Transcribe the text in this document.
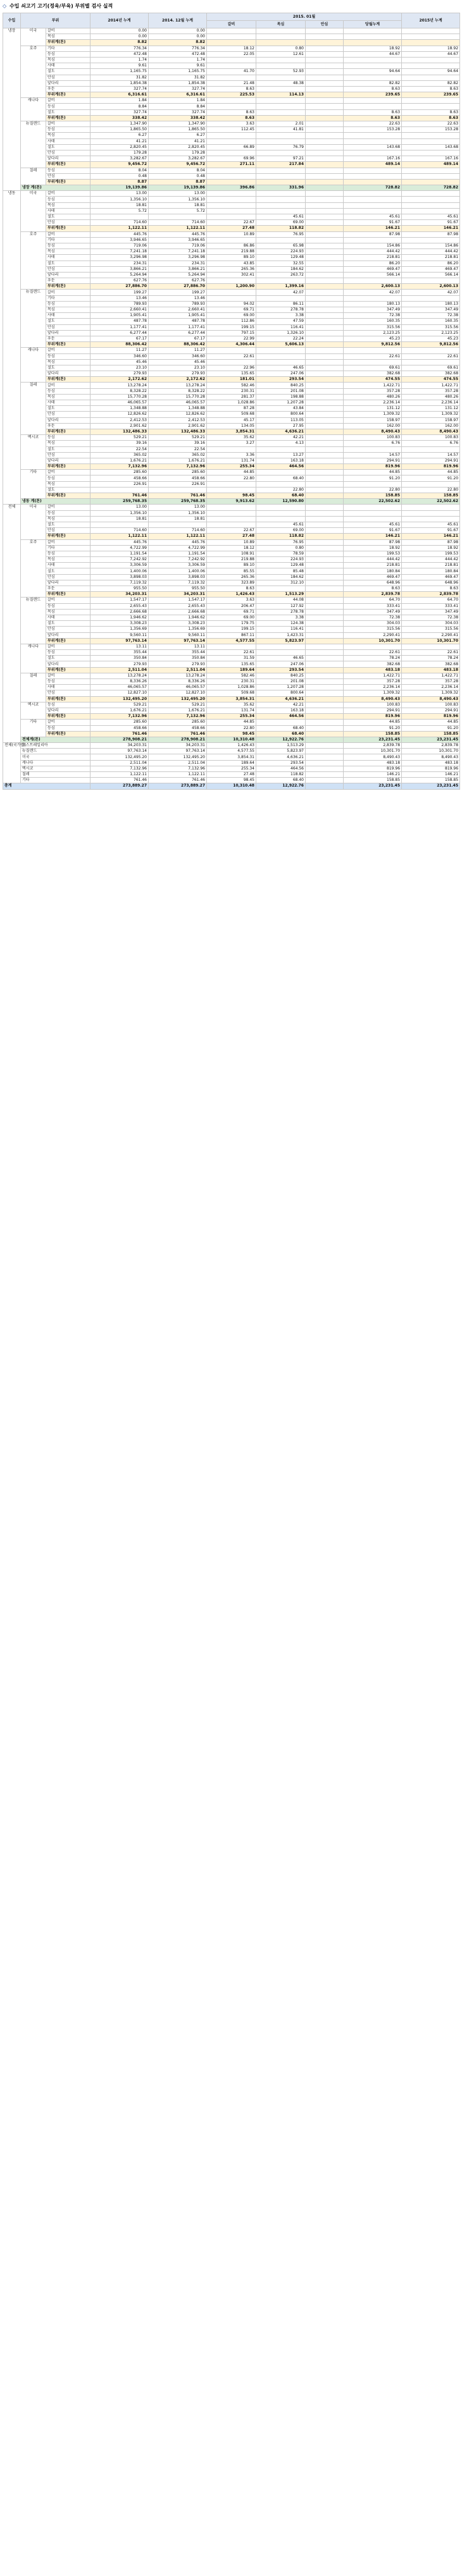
◇ 수입 쇠고기 고기(정육/부육) 부위별 검사 실적
수입	부위		2014년 누계	2014. 12월 누계	2015. 01월				2015년 누계
					갈비	목심	안심	당월누계	
냉장	미국	갈비	0.00	0.00					
		목심	0.00	0.00					
		부위계(톤)	8.82	8.82					
	호주	기타	776.34	776.34	18.12	0.80		18.92	18.92
		등심	472.48	472.48	22.05	12.61		44.67	44.67
		목심	1.74	1.74					
		사태	9.61	9.61					
		설도	1,165.75	1,165.75	41.70	52.93		94.64	94.64
		안심	31.82	31.82					
		앞다리	1,854.38	1,854.38	21.48	48.38		82.82	82.82
		우둔	327.74	327.74	8.63			8.63	8.63
		부위계(톤)	6,316.61	6,316.61	225.53	114.13		239.65	239.65
	캐나다	갈비	1.84	1.84					
		등심	8.84	8.84					
		설도	327.74	327.74	8.63			8.63	8.63
		부위계(톤)	338.42	338.42	8.63			8.63	8.63
	뉴질랜드	갈비	1,347.90	1,347.90	3.63	2.01		22.63	22.63
		등심	1,865.50	1,865.50	112.45	41.81		153.28	153.28
		목심	6.27	6.27					
		사태	41.21	41.21					
		설도	2,820.45	2,820.45	66.89	76.79		143.68	143.68
		안심	179.28	179.28					
		앞다리	3,282.67	3,282.67	69.96	97.21		167.16	167.16
		부위계(톤)	9,456.72	9,456.72	271.11	217.84		489.14	489.14
	칠레	등심	8.04	8.04					
		안심	0.48	0.48					
		부위계(톤)	8.87	8.87					
	냉장 계(톤)		19,139.86	19,139.86	396.86	331.96		728.82	728.82
냉동	미국	갈비	13.00	13.00					
		등심	1,356.10	1,356.10					
		목심	18.81	18.81					
		사태	5.72	5.72					
		설도				45.61		45.61	45.61
		안심	714.60	714.60	22.67	69.00		91.67	91.67
		부위계(톤)	1,122.11	1,122.11	27.48	118.82		146.21	146.21
	호주	갈비	445.76	445.76	10.89	76.95		87.98	87.98
		기타	3,946.65	3,946.65					
		등심	719.06	719.06	86.86	65.98		154.86	154.86
		목심	7,241.18	7,241.18	219.88	224.93		444.42	444.42
		사태	3,296.98	3,296.98	89.10	129.48		218.81	218.81
		설도	234.31	234.31	43.85	32.55		86.20	86.20
		안심	3,866.21	3,866.21	265.36	184.62		469.47	469.47
		앞다리	5,264.94	5,264.94	302.41	263.72		566.14	566.14
		우둔	627.76	627.76					
		부위계(톤)	27,886.70	27,886.70	1,200.90	1,399.16		2,600.13	2,600.13
	뉴질랜드	갈비	199.27	199.27		42.07		42.07	42.07
		기타	13.46	13.46					
		등심	789.93	789.93	94.02	86.11		180.13	180.13
		목심	2,660.41	2,660.41	69.71	278.78		347.49	347.49
		사태	1,905.41	1,905.41	69.00	3.38		72.38	72.38
		설도	487.78	487.78	112.86	47.59		160.35	160.35
		안심	1,177.41	1,177.41	199.15	116.41		315.56	315.56
		앞다리	6,277.44	6,277.44	797.15	1,326.10		2,123.25	2,123.25
		우둔	67.17	67.17	22.99	22.24		45.23	45.23
		부위계(톤)	88,306.42	88,306.42	4,306.44	5,606.13		9,812.56	9,812.56
	캐나다	갈비	11.27	11.27					
		등심	346.60	346.60	22.61			22.61	22.61
		목심	45.46	45.46					
		설도	23.10	23.10	22.96	46.65		69.61	69.61
		앞다리	279.93	279.93	135.65	247.06		382.68	382.68
		부위계(톤)	2,172.62	2,172.62	181.01	293.54		474.55	474.55
	칠레	갈비	13,278.24	13,278.24	582.46	840.25		1,422.71	1,422.71
		등심	8,328.22	8,328.22	230.31	201.08		357.28	357.28
		목심	15,770.28	15,770.28	281.37	198.88		480.26	480.26
		사태	46,065.57	46,065.57	1,028.86	1,207.28		2,236.14	2,236.14
		설도	1,348.88	1,348.88	87.28	43.84		131.12	131.12
		안심	12,826.62	12,826.62	509.68	800.64		1,309.32	1,309.32
		앞다리	2,412.53	2,412.53	45.17	113.05		158.97	158.97
		우둔	2,901.62	2,901.62	134.05	27.95		162.00	162.00
		부위계(톤)	132,486.33	132,486.33	3,854.31	4,636.21		8,490.43	8,490.43
	멕시코	등심	529.21	529.21	35.62	42.21		100.83	100.83
		목심	39.16	39.16	3.27	4.13		6.76	6.76
		설도	22.54	22.54					
		안심	365.02	365.02	3.36	13.27		14.57	14.57
		앞다리	1,676.21	1,676.21	131.74	163.18		294.91	294.91
		부위계(톤)	7,132.96	7,132.96	255.34	464.56		819.96	819.96
	기타	갈비	285.60	285.60	44.85			44.85	44.85
		등심	458.66	458.66	22.80	68.40		91.20	91.20
		목심	226.91	226.91					
		설도				22.80		22.80	22.80
		부위계(톤)	761.46	761.46	98.45	68.40		158.85	158.85
	냉동 계(톤)		259,768.35	259,768.35	9,913.62	12,590.80		22,502.62	22,502.62
전체	미국	갈비	13.00	13.00					
		등심	1,356.10	1,356.10					
		목심	18.81	18.81					
		설도				45.61		45.61	45.61
		안심	714.60	714.60	22.67	69.00		91.67	91.67
		부위계(톤)	1,122.11	1,122.11	27.48	118.82		146.21	146.21
	호주	갈비	445.76	445.76	10.89	76.95		87.98	87.98
		기타	4,722.99	4,722.99	18.12	0.80		18.92	18.92
		등심	1,191.54	1,191.54	108.91	78.59		199.53	199.53
		목심	7,242.92	7,242.92	219.88	224.93		444.42	444.42
		사태	3,306.59	3,306.59	89.10	129.48		218.81	218.81
		설도	1,400.06	1,400.06	85.55	85.48		180.84	180.84
		안심	3,898.03	3,898.03	265.36	184.62		469.47	469.47
		앞다리	7,119.32	7,119.32	323.89	312.10		648.96	648.96
		우둔	955.50	955.50	8.63			8.63	8.63
		부위계(톤)	34,203.31	34,203.31	1,426.43	1,513.29		2,839.78	2,839.78
	뉴질랜드	갈비	1,547.17	1,547.17	3.63	44.08		64.70	64.70
		등심	2,655.43	2,655.43	206.47	127.92		333.41	333.41
		목심	2,666.68	2,666.68	69.71	278.78		347.49	347.49
		사태	1,946.62	1,946.62	69.00	3.38		72.38	72.38
		설도	3,308.23	3,308.23	179.75	124.38		304.03	304.03
		안심	1,356.69	1,356.69	199.15	116.41		315.56	315.56
		앞다리	9,560.11	9,560.11	867.11	1,423.31		2,290.41	2,290.41
		부위계(톤)	97,763.14	97,763.14	4,577.55	5,823.97		10,301.70	10,301.70
	캐나다	갈비	13.11	13.11					
		등심	355.44	355.44	22.61			22.61	22.61
		설도	350.84	350.84	31.59	46.65		78.24	78.24
		앞다리	279.93	279.93	135.65	247.06		382.68	382.68
		부위계(톤)	2,511.04	2,511.04	189.64	293.54		483.18	483.18
	칠레	갈비	13,278.24	13,278.24	582.46	840.25		1,422.71	1,422.71
		등심	8,336.26	8,336.26	230.31	201.08		357.28	357.28
		사태	46,065.57	46,065.57	1,028.86	1,207.28		2,236.14	2,236.14
		안심	12,827.10	12,827.10	509.68	800.64		1,309.32	1,309.32
		부위계(톤)	132,495.20	132,495.20	3,854.31	4,636.21		8,490.43	8,490.43
	멕시코	등심	529.21	529.21	35.62	42.21		100.83	100.83
		앞다리	1,676.21	1,676.21	131.74	163.18		294.91	294.91
		부위계(톤)	7,132.96	7,132.96	255.34	464.56		819.96	819.96
	기타	갈비	285.60	285.60	44.85			44.85	44.85
		등심	458.66	458.66	22.80	68.40		91.20	91.20
		부위계(톤)	761.46	761.46	98.45	68.40		158.85	158.85
	전체계(톤)		278,908.21	278,908.21	10,310.48	12,922.76		23,231.45	23,231.45
전체(국가별)	오스트레일리아		34,203.31	34,203.31	1,426.43	1,513.29		2,839.78	2,839.78
	뉴질랜드		97,763.14	97,763.14	4,577.55	5,823.97		10,301.70	10,301.70
	미국		132,495.20	132,495.20	3,854.31	4,636.21		8,490.43	8,490.43
	캐나다		2,511.04	2,511.04	189.64	293.54		483.18	483.18
	멕시코		7,132.96	7,132.96	255.34	464.56		819.96	819.96
	칠레		1,122.11	1,122.11	27.48	118.82		146.21	146.21
	기타		761.46	761.46	98.45	68.40		158.85	158.85
총계			273,889.27	273,889.27	10,310.48	12,922.76		23,231.45	23,231.45
